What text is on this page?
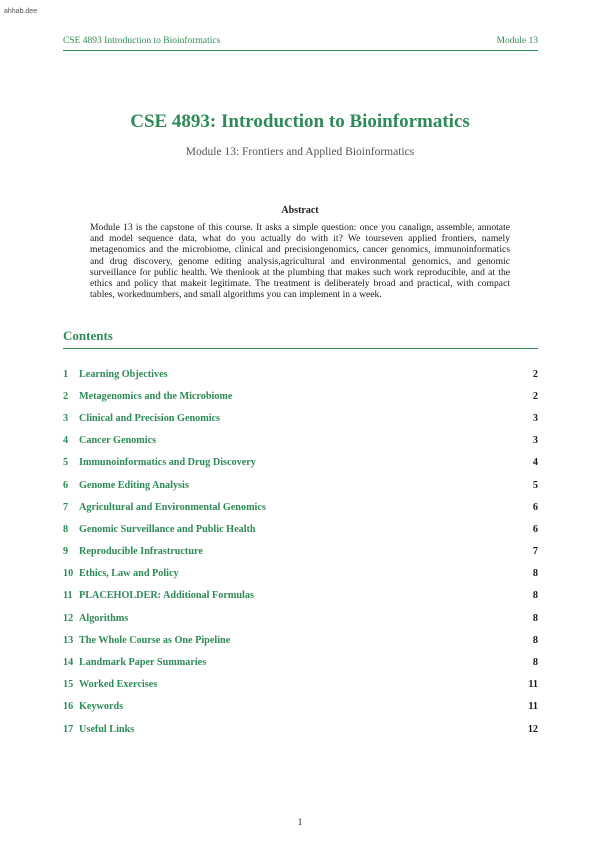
ahhab.dee
CSE 4893 Introduction to Bioinformatics	Module 13
CSE 4893: Introduction to Bioinformatics
Module 13: Frontiers and Applied Bioinformatics
Abstract
Module 13 is the capstone of this course. It asks a simple question: once you canalign, assemble, annotate and model sequence data, what do you actually do with it? We tourseven applied frontiers, namely metagenomics and the microbiome, clinical and precisiongenomics, cancer genomics, immunoinformatics and drug discovery, genome editing analysis,agricultural and environmental genomics, and genomic surveillance for public health. We thenlook at the plumbing that makes such work reproducible, and at the ethics and policy that makeit legitimate. The treatment is deliberately broad and practical, with compact tables, workednumbers, and small algorithms you can implement in a week.
Contents
1	Learning Objectives	2
2	Metagenomics and the Microbiome	2
3	Clinical and Precision Genomics	3
4	Cancer Genomics	3
5	Immunoinformatics and Drug Discovery	4
6	Genome Editing Analysis	5
7	Agricultural and Environmental Genomics	6
8	Genomic Surveillance and Public Health	6
9	Reproducible Infrastructure	7
10 Ethics, Law and Policy	8
11 PLACEHOLDER: Additional Formulas	8
12 Algorithms	8
13 The Whole Course as One Pipeline	8
14 Landmark Paper Summaries	8
15 Worked Exercises	11
16 Keywords	11
17 Useful Links	12
1
